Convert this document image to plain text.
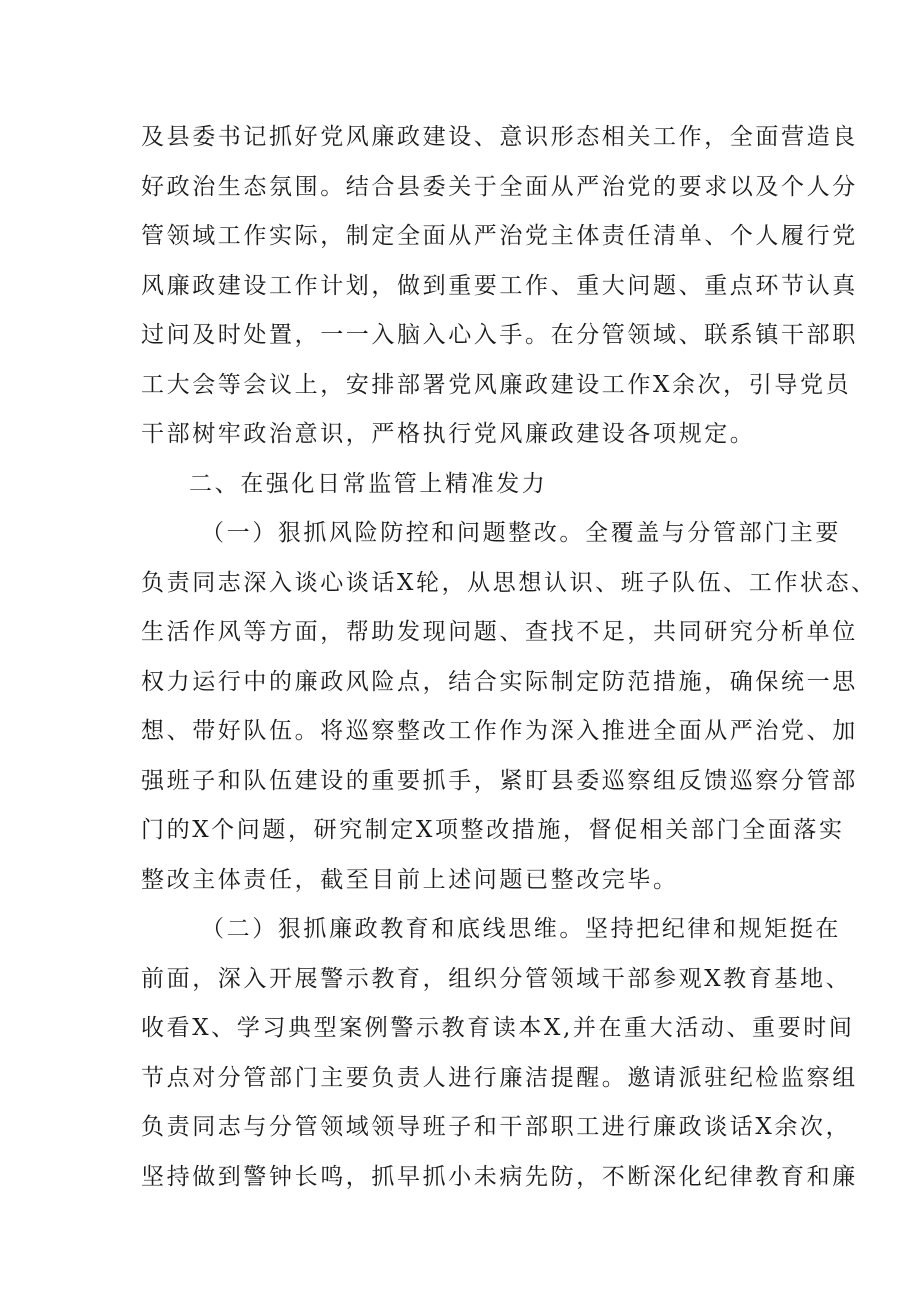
及县委书记抓好党风廉政建设、意识形态相关工作，全面营造良
好政治生态氛围。结合县委关于全面从严治党的要求以及个人分
管领域工作实际，制定全面从严治党主体责任清单、个人履行党
风廉政建设工作计划，做到重要工作、重大问题、重点环节认真
过问及时处置，一一入脑入心入手。在分管领域、联系镇干部职
工大会等会议上，安排部署党风廉政建设工作X余次，引导党员
干部树牢政治意识，严格执行党风廉政建设各项规定。
二、在强化日常监管上精准发力
（一）狠抓风险防控和问题整改。全覆盖与分管部门主要
负责同志深入谈心谈话X轮，从思想认识、班子队伍、工作状态、
生活作风等方面，帮助发现问题、查找不足，共同研究分析单位
权力运行中的廉政风险点，结合实际制定防范措施，确保统一思
想、带好队伍。将巡察整改工作作为深入推进全面从严治党、加
强班子和队伍建设的重要抓手，紧盯县委巡察组反馈巡察分管部
门的X个问题，研究制定X项整改措施，督促相关部门全面落实
整改主体责任，截至目前上述问题已整改完毕。
（二）狠抓廉政教育和底线思维。坚持把纪律和规矩挺在
前面，深入开展警示教育，组织分管领域干部参观X教育基地、
收看X、学习典型案例警示教育读本X,并在重大活动、重要时间
节点对分管部门主要负责人进行廉洁提醒。邀请派驻纪检监察组
负责同志与分管领域领导班子和干部职工进行廉政谈话X余次，
坚持做到警钟长鸣，抓早抓小未病先防，不断深化纪律教育和廉
